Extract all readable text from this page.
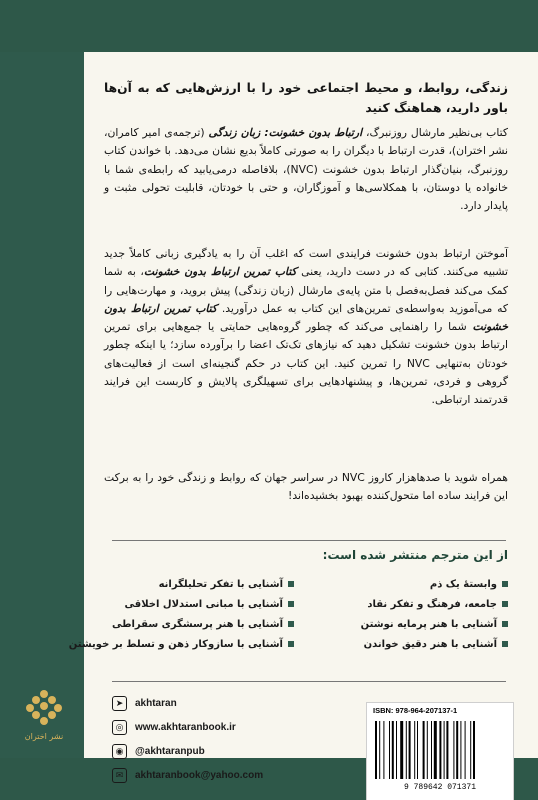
زندگی، روابط، و محیط اجتماعی خود را با ارزش‌هایی که به آن‌ها باور دارید، هماهنگ کنید
کتاب بی‌نظیر مارشال روزنبرگ، ارتباط بدون خشونت: زبان زندگی (ترجمه‌ی امیر کامران، نشر اختران)، قدرت ارتباط با دیگران را به صورتی کاملاً بدیع نشان می‌دهد. با خواندن کتاب روزنبرگ، بنیان‌گذار ارتباط بدون خشونت (NVC)، بلافاصله درمی‌یابید که رابطه‌ی شما با خانواده یا دوستان، با همکلاسی‌ها و آموزگاران، و حتی با خودتان، قابلیت تحولی مثبت و پایدار دارد.
آموختن ارتباط بدون خشونت فرایندی است که اغلب آن را به یادگیری زبانی کاملاً جدید تشبیه می‌کنند. کتابی که در دست دارید، یعنی کتاب تمرین ارتباط بدون خشونت، به شما کمک می‌کند فصل‌به‌فصل با متن پایه‌ی مارشال (زبان زندگی) پیش بروید، و مهارت‌هایی را که می‌آموزید به‌واسطه‌ی تمرین‌های این کتاب به عمل درآورید. کتاب تمرین ارتباط بدون خشونت شما را راهنمایی می‌کند که چطور گروه‌هایی حمایتی یا جمع‌هایی برای تمرین ارتباط بدون خشونت تشکیل دهید که نیازهای تک‌تک اعضا را برآورده سازد؛ یا اینکه چطور خودتان به‌تنهایی NVC را تمرین کنید. این کتاب در حکم گنجینه‌ای است از فعالیت‌های گروهی و فردی، تمرین‌ها، و پیشنهادهایی برای تسهیلگری پالایش و کاربست این فرایند قدرتمند ارتباطی.
همراه شوید با صدها‌هزار کاروز NVC در سراسر جهان که روابط و زندگی خود را به برکت این فرایند ساده اما متحول‌کننده بهبود بخشیده‌اند!
از این مترجم منتشر شده است:
وابستهٔ یک ذم
جامعه، فرهنگ و تفکر نقاد
آشنایی با هنر پرمایه نوشتن
آشنایی با هنر دقیق خواندن
آشنایی با تفکر تحلیلگرانه
آشنایی با مبانی استدلال اخلاقی
آشنایی با هنر پرسشگری سقراطی
آشنایی با سازوکار ذهن و تسلط بر خویشتن
➤	akhtaran
◎	www.akhtaranbook.ir
◉	@akhtaranpub
✉	akhtaranbook@yahoo.com
ISBN: 978-964-207137-1
9 789642 071371
نشر اختران
